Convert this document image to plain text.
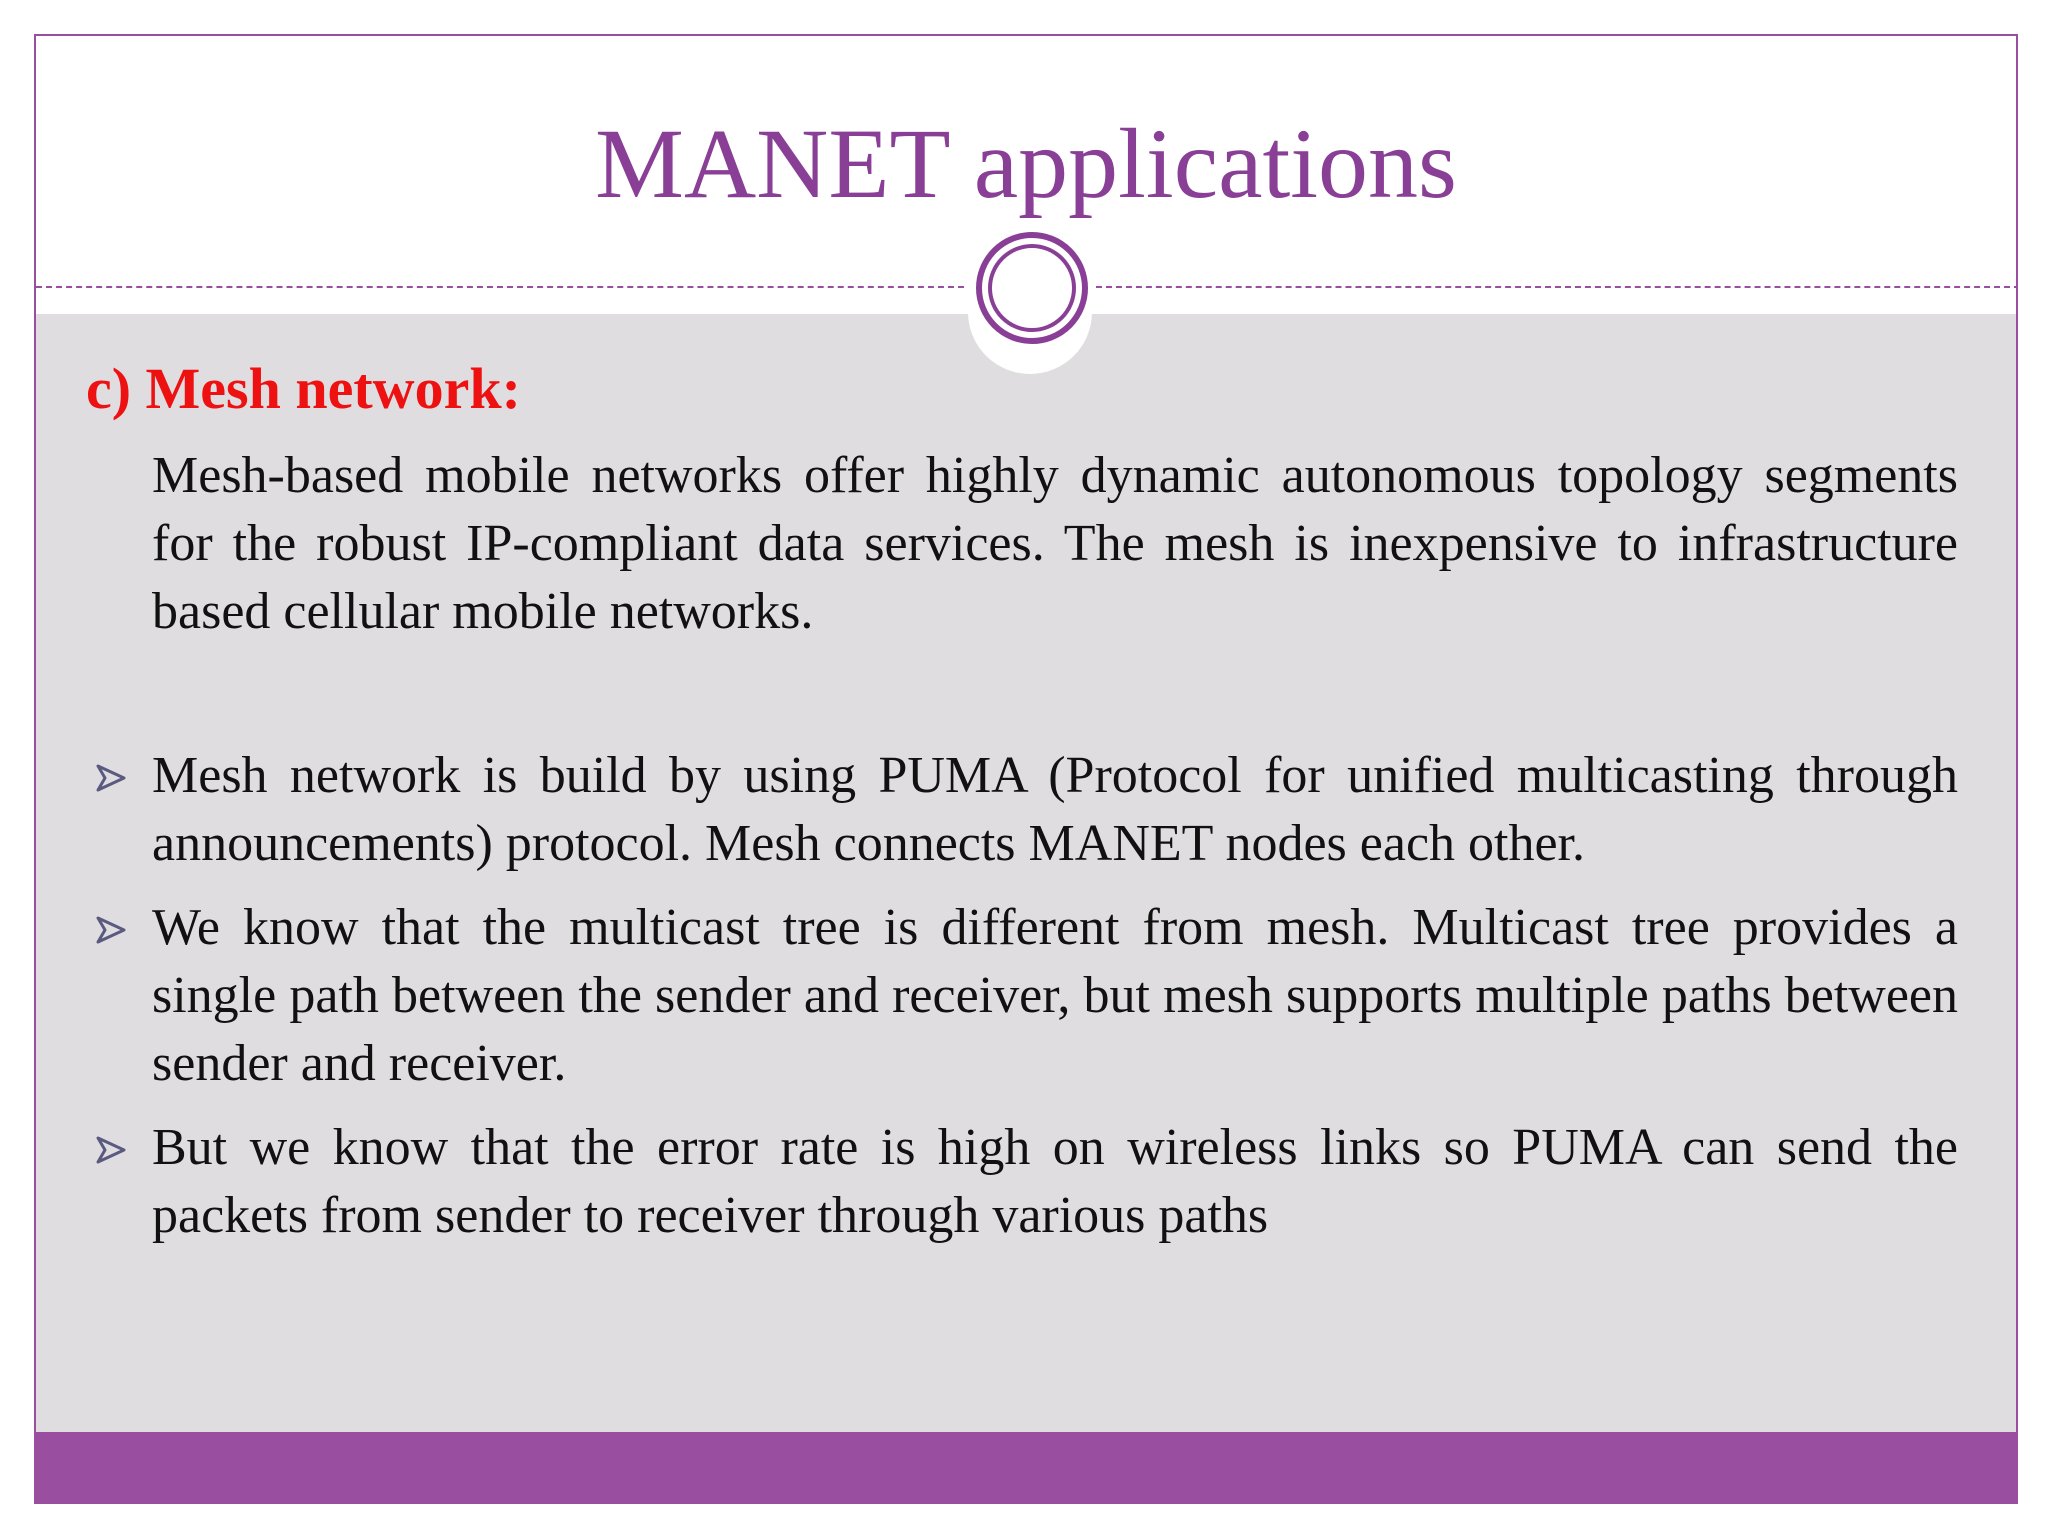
MANET applications
c) Mesh network:

Mesh-based mobile networks offer highly dynamic autonomous topology segments for the robust IP-compliant data services. The mesh is inexpensive to infrastructure based cellular mobile networks.

Mesh network is build by using PUMA (Protocol for unified multicasting through announcements) protocol. Mesh connects MANET nodes each other.
We know that the multicast tree is different from mesh. Multicast tree provides a single path between the sender and receiver, but mesh supports multiple paths between sender and receiver.
But we know that the error rate is high on wireless links so PUMA can send the packets from sender to receiver through various paths
